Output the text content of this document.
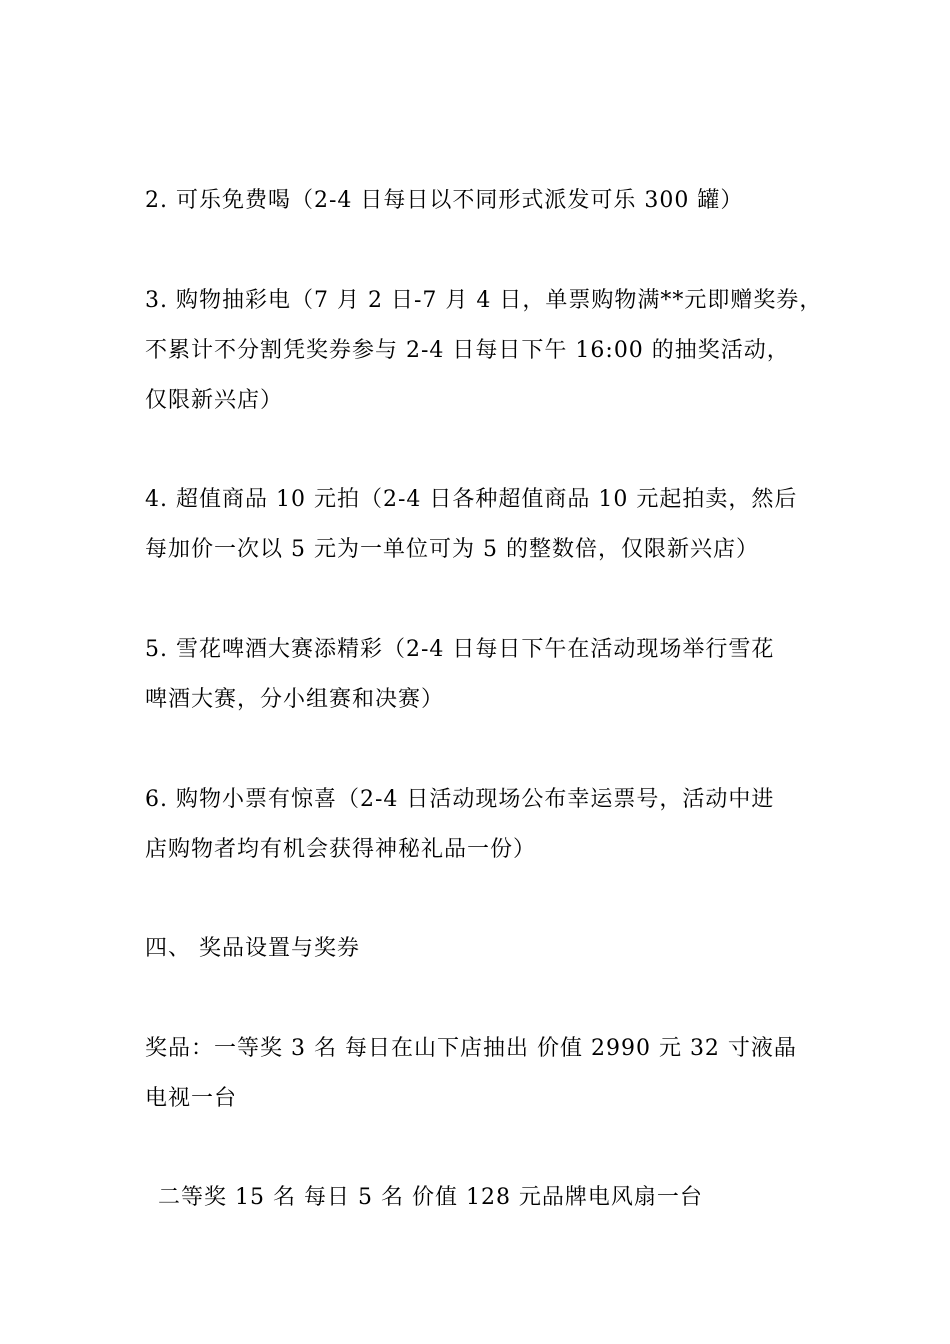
2. 可乐免费喝（2-4 日每日以不同形式派发可乐 300 罐）

3. 购物抽彩电（7 月 2 日-7 月 4 日，单票购物满**元即赠奖券，
不累计不分割凭奖券参与 2-4 日每日下午 16:00 的抽奖活动，
仅限新兴店）

4. 超值商品 10 元拍（2-4 日各种超值商品 10 元起拍卖，然后
每加价一次以 5 元为一单位可为 5 的整数倍，仅限新兴店）

5. 雪花啤酒大赛添精彩（2-4 日每日下午在活动现场举行雪花
啤酒大赛，分小组赛和决赛）

6. 购物小票有惊喜（2-4 日活动现场公布幸运票号，活动中进
店购物者均有机会获得神秘礼品一份）

四、 奖品设置与奖券

奖品：一等奖 3 名 每日在山下店抽出 价值 2990 元 32 寸液晶
电视一台

二等奖 15 名 每日 5 名 价值 128 元品牌电风扇一台
